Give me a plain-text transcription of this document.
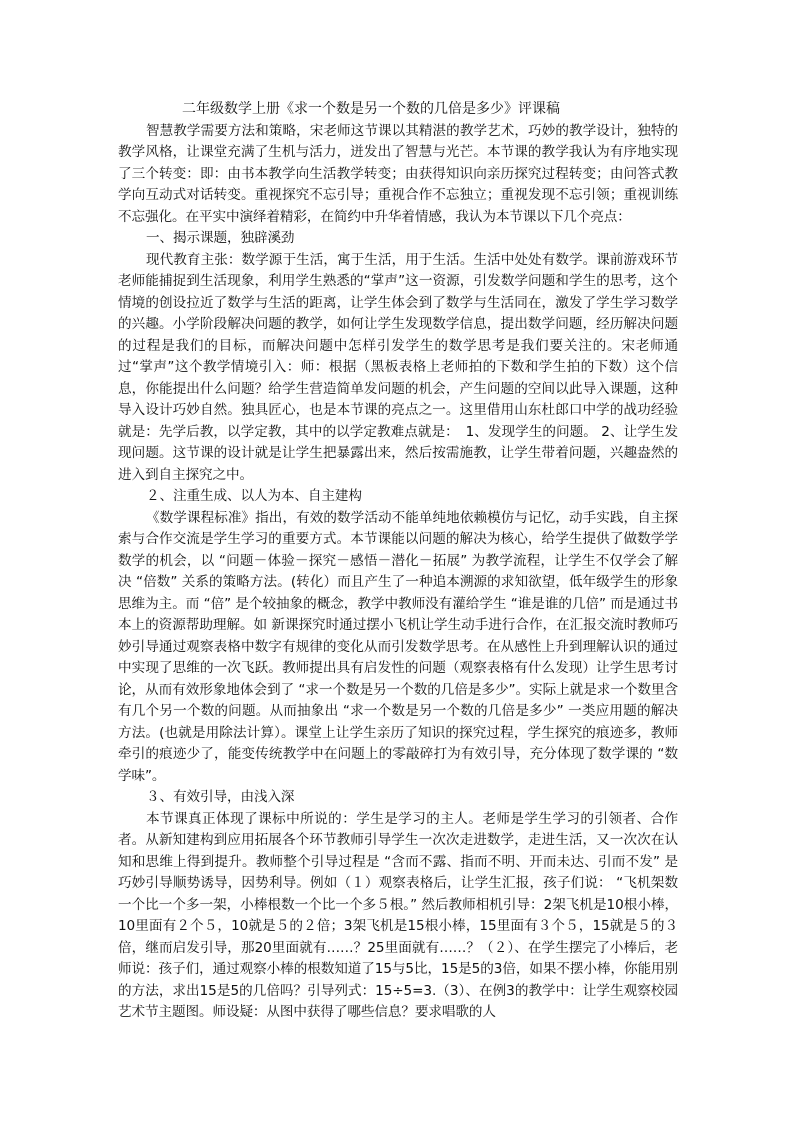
二年级数学上册《求一个数是另一个数的几倍是多少》评课稿

智慧教学需要方法和策略，宋老师这节课以其精湛的教学艺术，巧妙的教学设计，独特的教学风格，让课堂充满了生机与活力，迸发出了智慧与光芒。本节课的教学我认为有序地实现了三个转变：即：由书本教学向生活教学转变；由获得知识向亲历探究过程转变；由问答式教学向互动式对话转变。重视探究不忘引导；重视合作不忘独立；重视发现不忘引领；重视训练不忘强化。在平实中演绎着精彩，在简约中升华着情感，我认为本节课以下几个亮点：

一、揭示课题，独辟溪劲

现代教育主张：数学源于生活，寓于生活，用于生活。生活中处处有数学。课前游戏环节老师能捕捉到生活现象，利用学生熟悉的“掌声”这一资源，引发数学问题和学生的思考，这个情境的创设拉近了数学与生活的距离，让学生体会到了数学与生活同在，激发了学生学习数学的兴趣。小学阶段解决问题的教学，如何让学生发现数学信息，提出数学问题，经历解决问题的过程是我们的目标，而解决问题中怎样引发学生的数学思考是我们要关注的。宋老师通过“掌声”这个教学情境引入：师：根据（黑板表格上老师拍的下数和学生拍的下数）这个信息，你能提出什么问题？给学生营造简单发问题的机会，产生问题的空间以此导入课题，这种导入设计巧妙自然。独具匠心，也是本节课的亮点之一。这里借用山东杜郎口中学的战功经验就是：先学后教，以学定教，其中的以学定教难点就是：　1、发现学生的问题。 2、让学生发现问题。这节课的设计就是让学生把暴露出来，然后按需施教，让学生带着问题，兴趣盎然的进入到自主探究之中。

２、注重生成、以人为本、自主建构

《数学课程标准》指出，有效的数学活动不能单纯地依赖模仿与记忆，动手实践，自主探索与合作交流是学生学习的重要方式。本节课能以问题的解决为核心，给学生提供了做数学学数学的机会，以 “问题－体验－探究－感悟－潜化－拓展” 为教学流程，让学生不仅学会了解决 “倍数” 关系的策略方法。(转化）而且产生了一种追本溯源的求知欲望，低年级学生的形象思维为主。而 “倍” 是个较抽象的概念，教学中教师没有灌给学生 “谁是谁的几倍” 而是通过书本上的资源帮助理解。如 新课探究时通过摆小飞机让学生动手进行合作，在汇报交流时教师巧妙引导通过观察表格中数字有规律的变化从而引发数学思考。在从感性上升到理解认识的通过中实现了思维的一次飞跃。教师提出具有启发性的问题（观察表格有什么发现）让学生思考讨论，从而有效形象地体会到了 “求一个数是另一个数的几倍是多少”。实际上就是求一个数里含有几个另一个数的问题。从而抽象出 “求一个数是另一个数的几倍是多少” 一类应用题的解决方法。(也就是用除法计算）。课堂上让学生亲历了知识的探究过程，学生探究的痕迹多，教师牵引的痕迹少了，能变传统教学中在问题上的零敲碎打为有效引导，充分体现了数学课的 “数学味”。

３、有效引导，由浅入深

本节课真正体现了课标中所说的：学生是学习的主人。老师是学生学习的引领者、合作者。从新知建构到应用拓展各个环节教师引导学生一次次走进数学，走进生活，又一次次在认知和思维上得到提升。教师整个引导过程是 “含而不露、指而不明、开而未达、引而不发” 是巧妙引导顺势诱导，因势利导。例如（１）观察表格后，让学生汇报，孩子们说： “飞机架数一个比一个多一架，小棒根数一个比一个多５根。” 然后教师相机引导：2架飞机是10根小棒，10里面有２个５，10就是５的２倍；3架飞机是15根小棒，15里面有３个５，15就是５的３倍，继而启发引导，那20里面就有……？25里面就有……？（２）、在学生摆完了小棒后，老师说：孩子们，通过观察小棒的根数知道了15与5比，15是5的3倍，如果不摆小棒，你能用别的方法，求出15是5的几倍吗？引导列式：15÷5=3.（3）、在例3的教学中：让学生观察校园艺术节主题图。师设疑：从图中获得了哪些信息？要求唱歌的人
